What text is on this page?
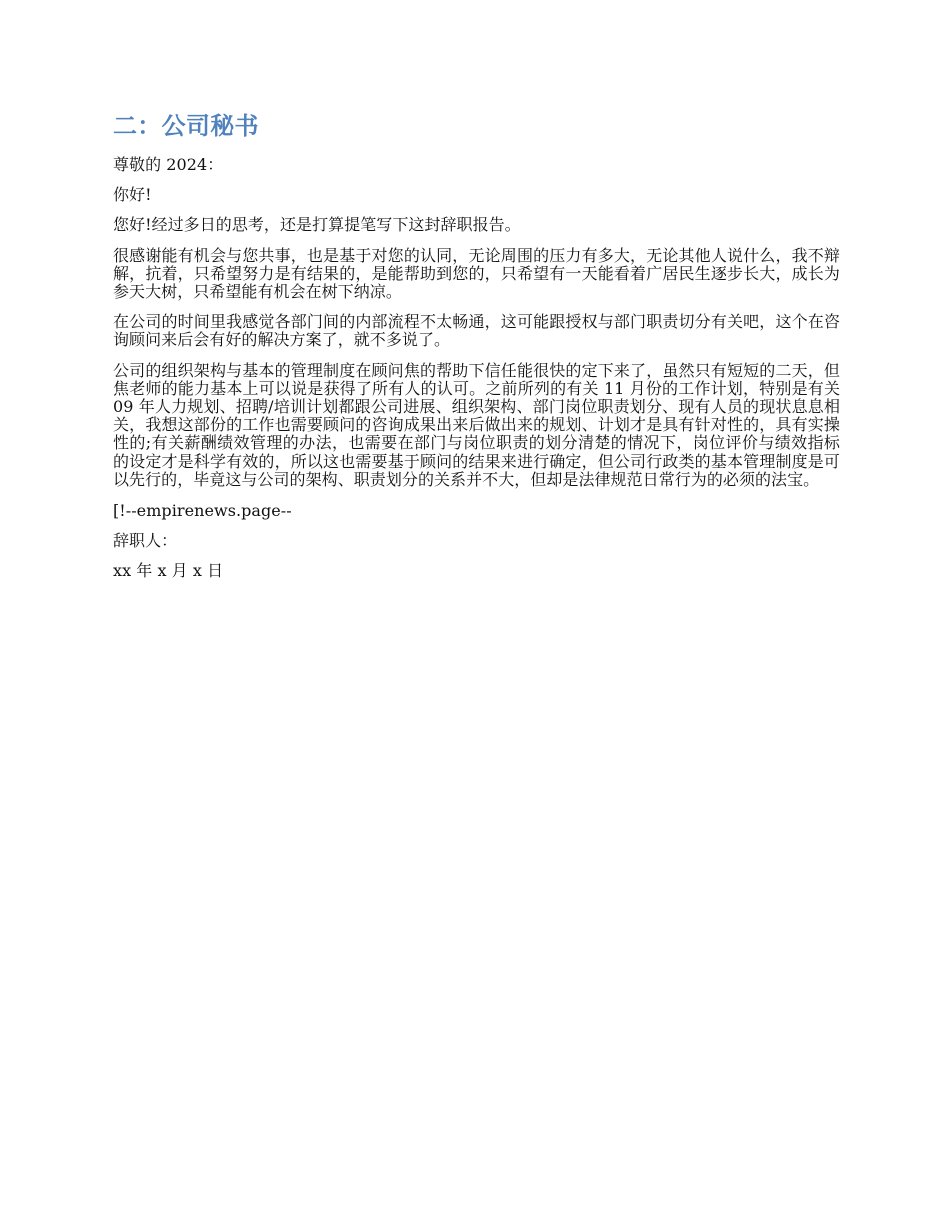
二：公司秘书

尊敬的 2024：

你好!

您好!经过多日的思考，还是打算提笔写下这封辞职报告。

很感谢能有机会与您共事，也是基于对您的认同，无论周围的压力有多大，无论其他人说什么，我不辩解，抗着，只希望努力是有结果的，是能帮助到您的，只希望有一天能看着广居民生逐步长大，成长为参天大树，只希望能有机会在树下纳凉。

在公司的时间里我感觉各部门间的内部流程不太畅通，这可能跟授权与部门职责切分有关吧，这个在咨询顾问来后会有好的解决方案了，就不多说了。

公司的组织架构与基本的管理制度在顾问焦的帮助下信任能很快的定下来了，虽然只有短短的二天，但焦老师的能力基本上可以说是获得了所有人的认可。之前所列的有关 11 月份的工作计划，特别是有关 09 年人力规划、招聘/培训计划都跟公司进展、组织架构、部门岗位职责划分、现有人员的现状息息相关，我想这部份的工作也需要顾问的咨询成果出来后做出来的规划、计划才是具有针对性的，具有实操性的;有关薪酬绩效管理的办法，也需要在部门与岗位职责的划分清楚的情况下，岗位评价与绩效指标的设定才是科学有效的，所以这也需要基于顾问的结果来进行确定，但公司行政类的基本管理制度是可以先行的，毕竟这与公司的架构、职责划分的关系并不大，但却是法律规范日常行为的必须的法宝。

[!--empirenews.page--

辞职人：

xx 年 x 月 x 日
